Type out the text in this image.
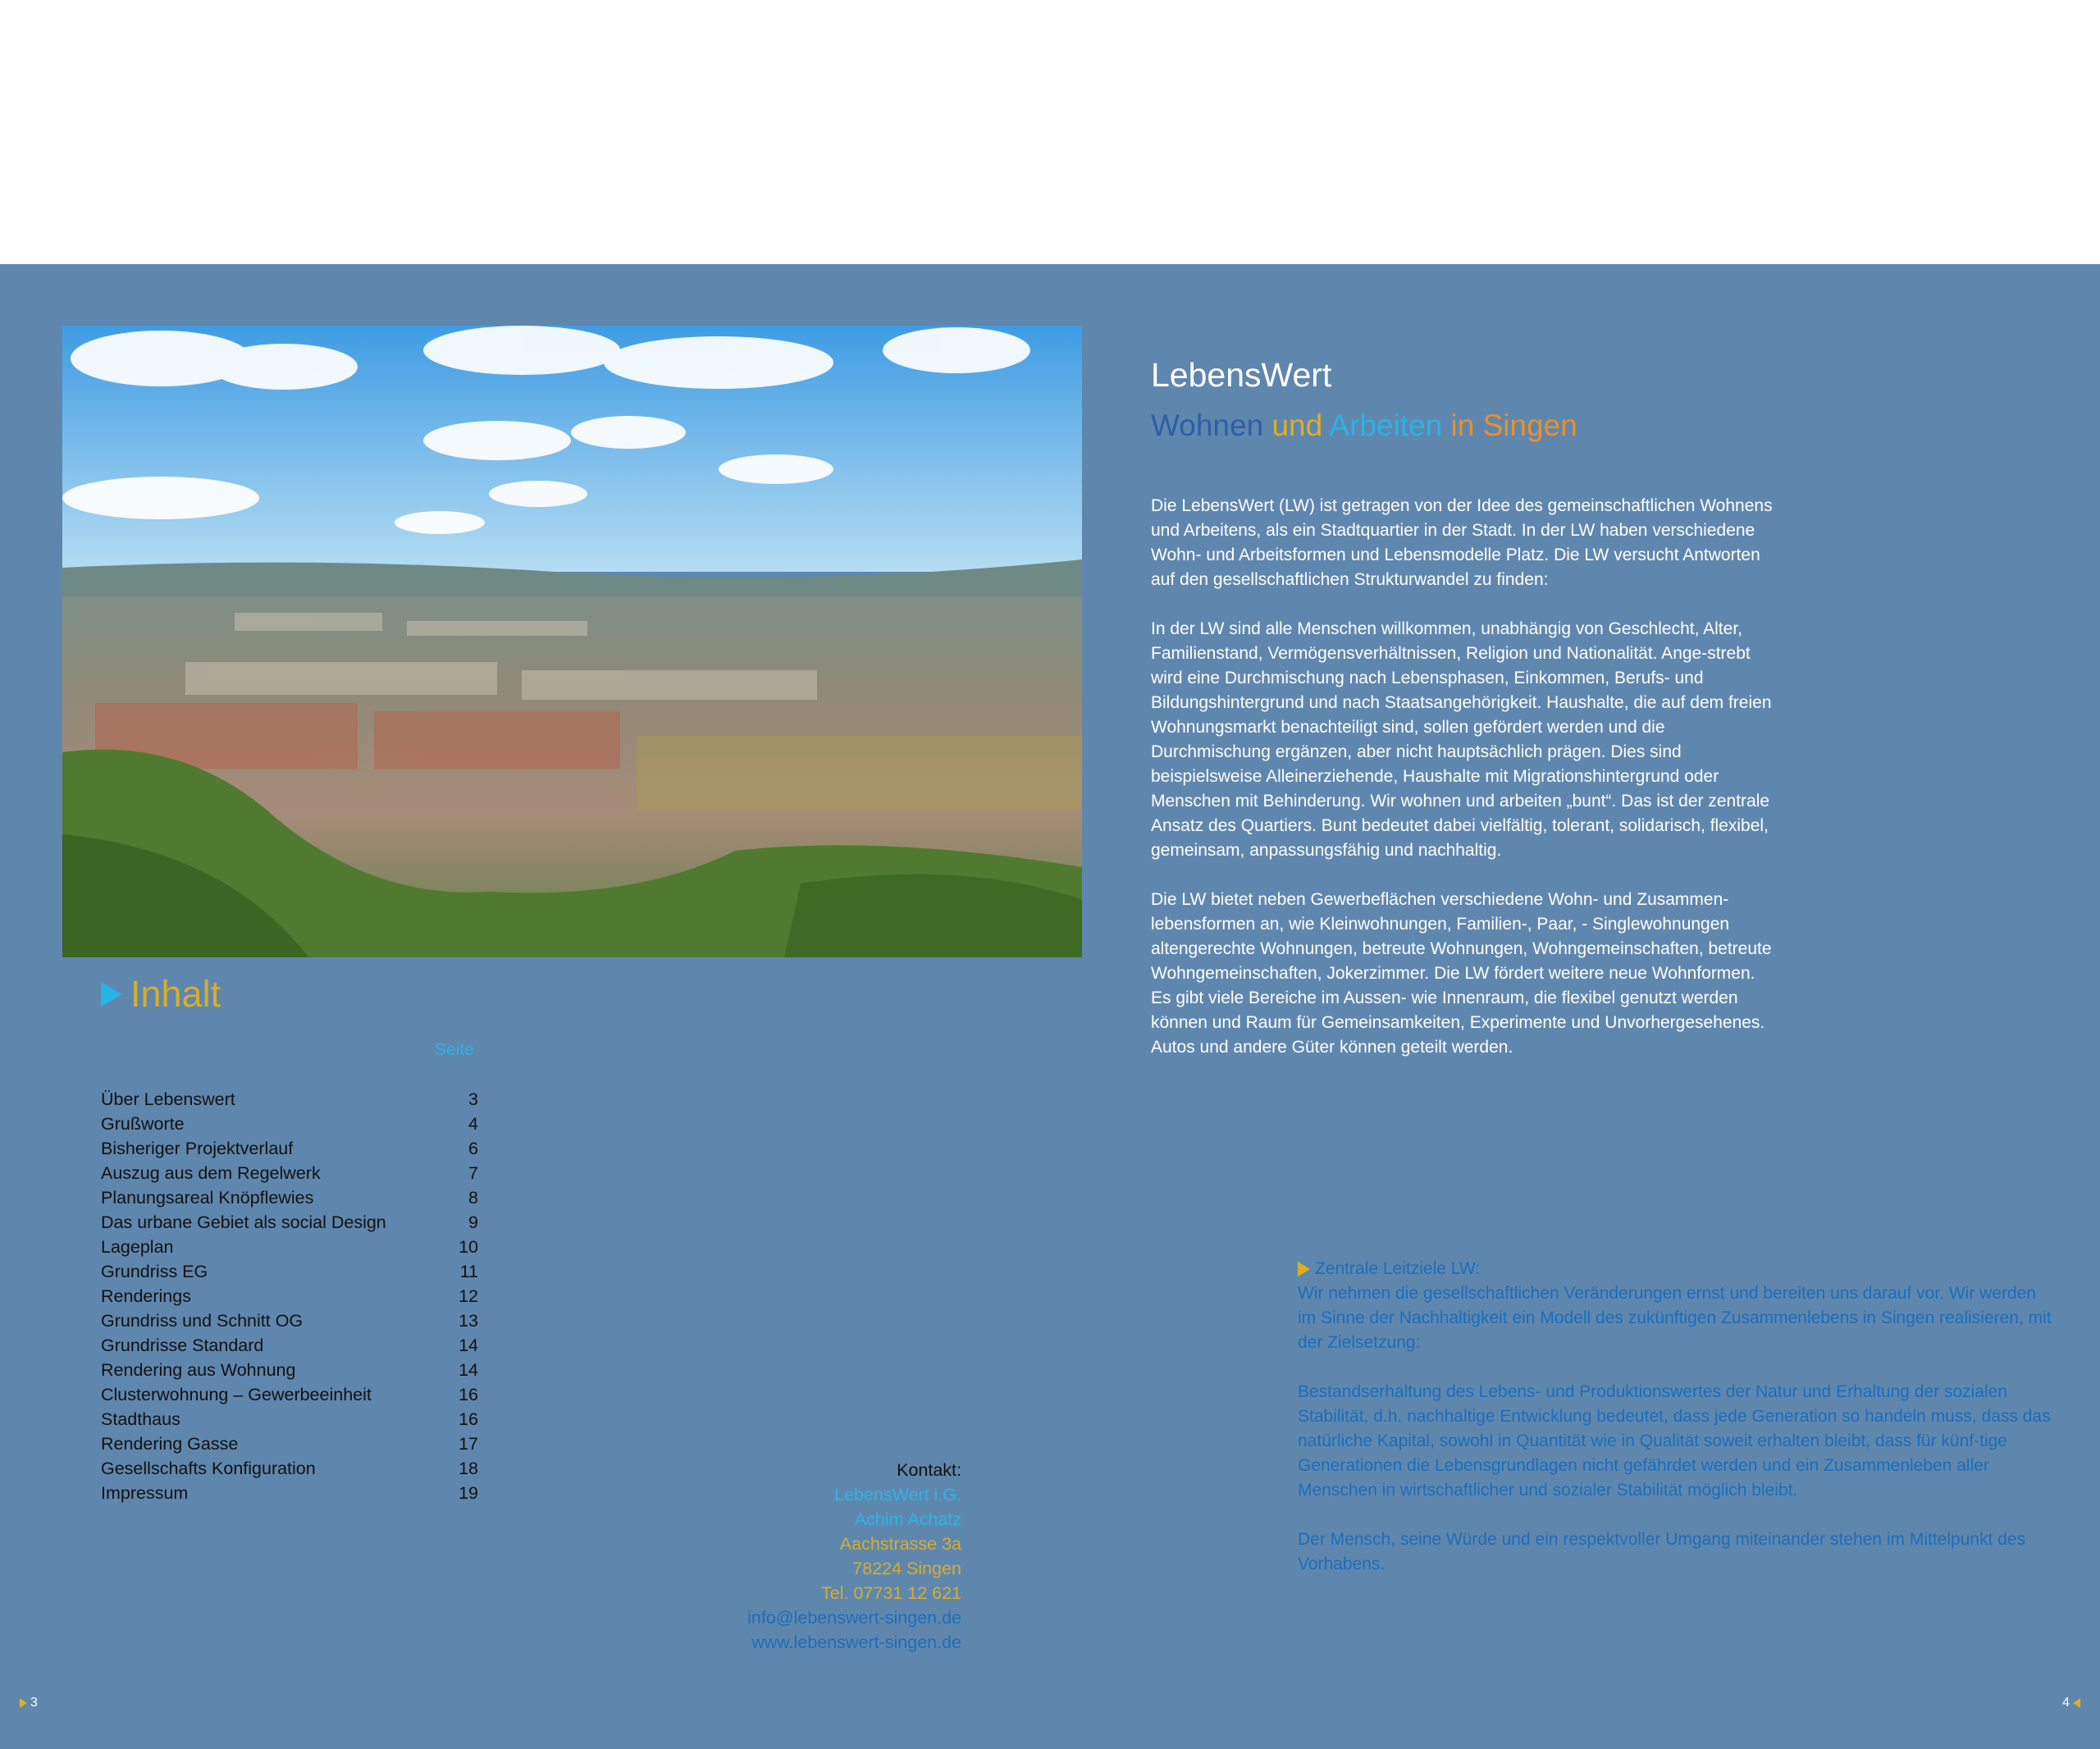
Inhalt
Seite
Über Lebenswert	3
Grußworte	4
Bisheriger Projektverlauf	6
Auszug aus dem Regelwerk	7
Planungsareal Knöpflewies	8
Das urbane Gebiet als social Design	9
Lageplan	10
Grundriss EG	11
Renderings	12
Grundriss und Schnitt OG	13
Grundrisse Standard	14
Rendering aus Wohnung	14
Clusterwohnung – Gewerbeeinheit	16
Stadthaus	16
Rendering Gasse	17
Gesellschafts Konfiguration	18
Impressum	19
Kontakt:
LebensWert i.G.
Achim Achatz
Aachstrasse 3a
78224 Singen
Tel. 07731 12 621
info@lebenswert-singen.de
www.lebenswert-singen.de
LebensWert
Wohnen und Arbeiten in Singen

Die LebensWert (LW) ist getragen von der Idee des gemeinschaftlichen Wohnens und Arbeitens, als ein Stadtquartier in der Stadt. In der LW haben verschiedene Wohn- und Arbeitsformen und Lebensmodelle Platz. Die LW versucht Antworten auf den gesellschaftlichen Strukturwandel zu finden:

In der LW sind alle Menschen willkommen, unabhängig von Geschlecht, Alter, Familienstand, Vermögensverhältnissen, Religion und Nationalität. Ange-strebt wird eine Durchmischung nach Lebensphasen, Einkommen, Berufs- und Bildungshintergrund und nach Staatsangehörigkeit. Haushalte, die auf dem freien Wohnungsmarkt benachteiligt sind, sollen gefördert werden und die Durchmischung ergänzen, aber nicht hauptsächlich prägen. Dies sind beispielsweise Alleinerziehende, Haushalte mit Migrationshintergrund oder Menschen mit Behinderung. Wir wohnen und arbeiten „bunt“. Das ist der zentrale Ansatz des Quartiers. Bunt bedeutet dabei vielfältig, tolerant, solidarisch, flexibel, gemeinsam, anpassungsfähig und nachhaltig.

Die LW bietet neben Gewerbeflächen verschiedene Wohn- und Zusammen-lebensformen an, wie Kleinwohnungen, Familien-, Paar, - Singlewohnungen altengerechte Wohnungen, betreute Wohnungen, Wohngemeinschaften, betreute Wohngemeinschaften, Jokerzimmer. Die LW fördert weitere neue Wohnformen. Es gibt viele Bereiche im Aussen- wie Innenraum, die flexibel genutzt werden können und Raum für Gemeinsamkeiten, Experimente und Unvorhergesehenes. Autos und andere Güter können geteilt werden.

Zentrale Leitziele LW:

Wir nehmen die gesellschaftlichen Veränderungen ernst und bereiten uns darauf vor. Wir werden im Sinne der Nachhaltigkeit ein Modell des zukünftigen Zusammenlebens in Singen realisieren, mit der Zielsetzung:

Bestandserhaltung des Lebens- und Produktionswertes der Natur und Erhaltung der sozialen Stabilität, d.h. nachhaltige Entwicklung bedeutet, dass jede Generation so handeln muss, dass das natürliche Kapital, sowohl in Quantität wie in Qualität soweit erhalten bleibt, dass für künf-tige Generationen die Lebensgrundlagen nicht gefährdet werden und ein Zusammenleben aller Menschen in wirtschaftlicher und sozialer Stabilität möglich bleibt.

Der Mensch, seine Würde und ein respektvoller Umgang miteinander stehen im Mittelpunkt des Vorhabens.

3	4
